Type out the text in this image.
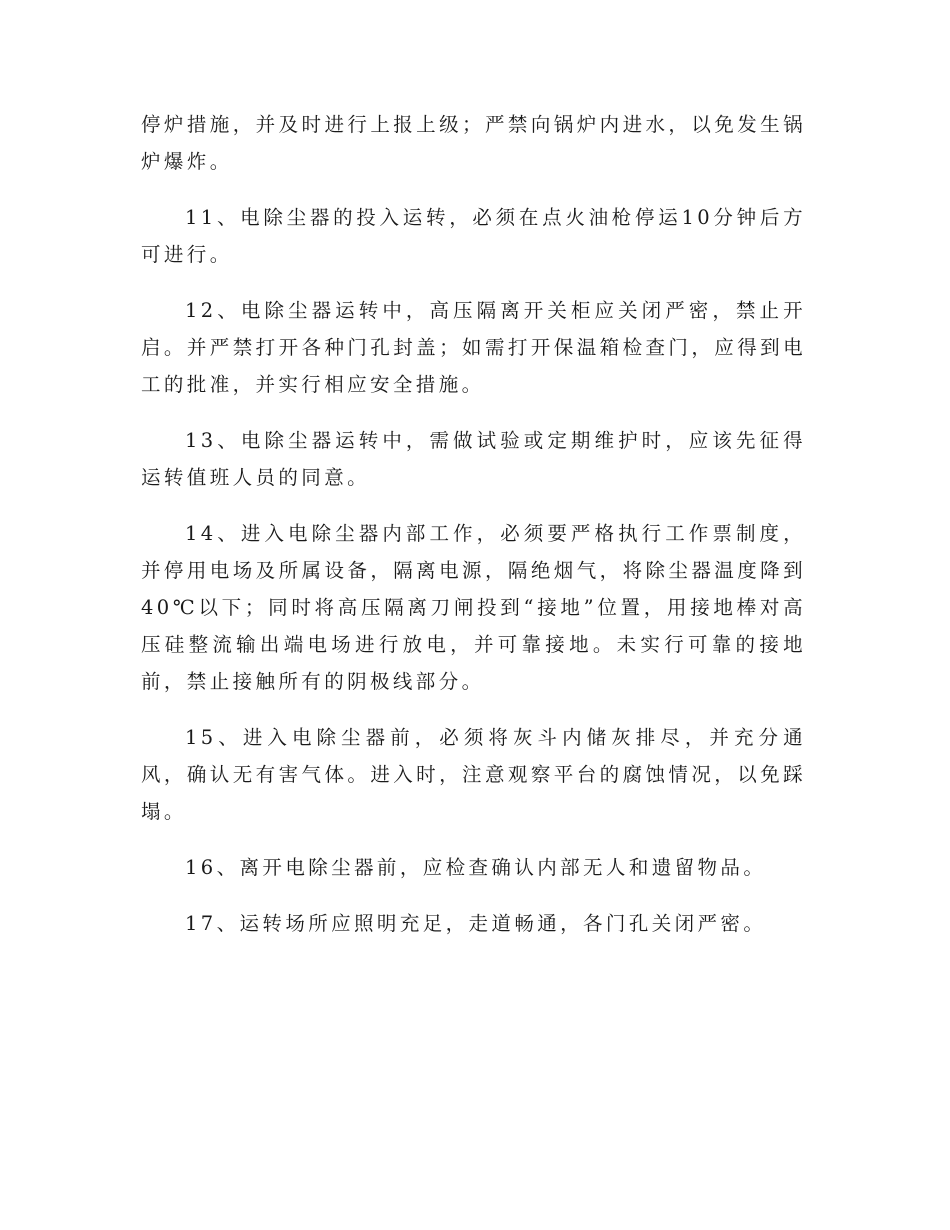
停炉措施，并及时进行上报上级；严禁向锅炉内进水，以免发生锅炉爆炸。

11、电除尘器的投入运转，必须在点火油枪停运10分钟后方可进行。

12、电除尘器运转中，高压隔离开关柜应关闭严密，禁止开启。并严禁打开各种门孔封盖；如需打开保温箱检查门，应得到电工的批准，并实行相应安全措施。

13、电除尘器运转中，需做试验或定期维护时，应该先征得运转值班人员的同意。

14、进入电除尘器内部工作，必须要严格执行工作票制度，并停用电场及所属设备，隔离电源，隔绝烟气，将除尘器温度降到40℃以下；同时将高压隔离刀闸投到“接地”位置，用接地棒对高压硅整流输出端电场进行放电，并可靠接地。未实行可靠的接地前，禁止接触所有的阴极线部分。

15、进入电除尘器前，必须将灰斗内储灰排尽，并充分通风，确认无有害气体。进入时，注意观察平台的腐蚀情况，以免踩塌。

16、离开电除尘器前，应检查确认内部无人和遗留物品。

17、运转场所应照明充足，走道畅通，各门孔关闭严密。
